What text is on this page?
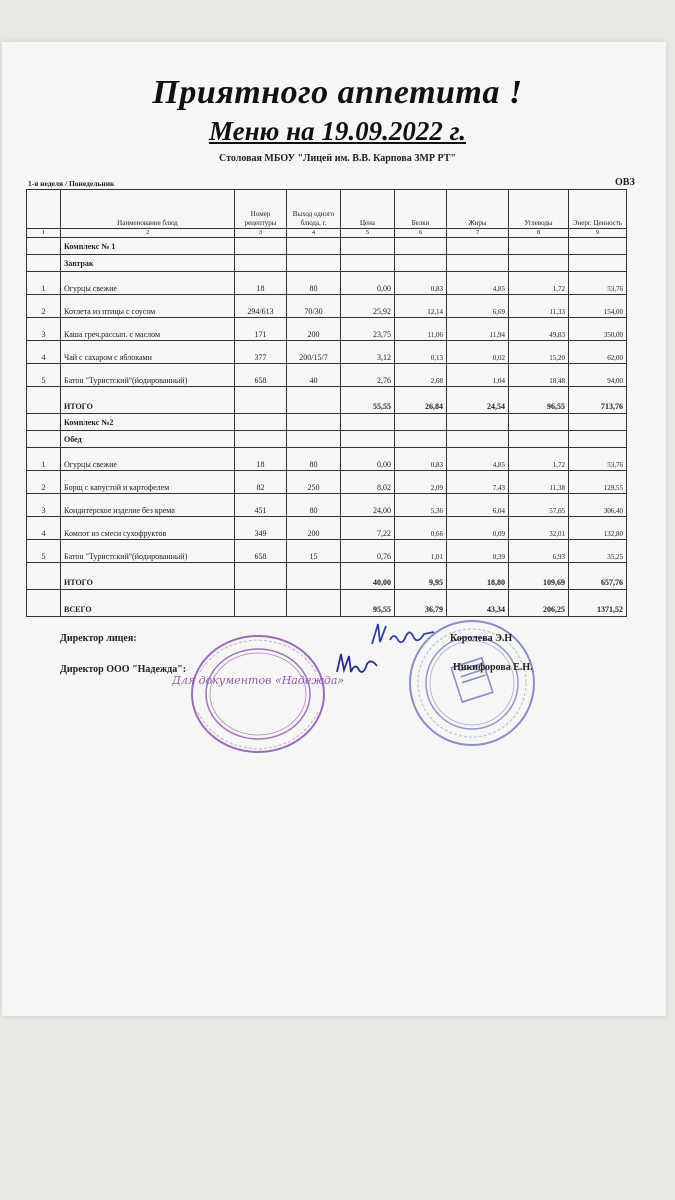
Приятного аппетита !
Меню на 19.09.2022 г.
Столовая МБОУ "Лицей им. В.В. Карпова ЗМР РТ"
1-я неделя / Понедельник	ОВЗ
	Наименование блюд	Номер рецептуры	Выход одного блюда, г.	Цена	Белки	Жиры	Углеводы	Энерг. Ценность
1	2	3	4	5	6	7	8	9
	Комплекс № 1							
	Завтрак							
1	Огурцы свежие	18	80	0,00	0,83	4,85	1,72	53,76
2	Котлета из птицы с соусом	294/613	70/30	25,92	12,14	6,69	11,33	154,00
3	Каша греч.рассып. с маслом	171	200	23,75	11,06	11,94	49,83	350,00
4	Чай с сахаром с яблоками	377	200/15/7	3,12	0,13	0,02	15,20	62,00
5	Батон "Туристский"(йодированный)	658	40	2,76	2,68	1,04	18,48	94,00
	ИТОГО			55,55	26,84	24,54	96,55	713,76
	Комплекс №2							
	Обед							
1	Огурцы свежие	18	80	0,00	0,83	4,85	1,72	53,76
2	Борщ с капустой и картофелем	82	250	8,02	2,09	7,43	11,38	129,55
3	Кондитерское изделие без крема	451	80	24,00	5,36	6,04	57,65	306,40
4	Компот из смеси сухофруктов	349	200	7,22	0,66	0,09	32,01	132,80
5	Батон "Туристский"(йодированный)	658	15	0,76	1,01	0,39	6,93	35,25
	ИТОГО			40,00	9,95	18,80	109,69	657,76
	ВСЕГО			95,55	36,79	43,34	206,25	1371,52
Директор лицея:
Директор ООО "Надежда":
Для документов «Надежда»
Королева Э.Н
Никифорова Е.Н.
